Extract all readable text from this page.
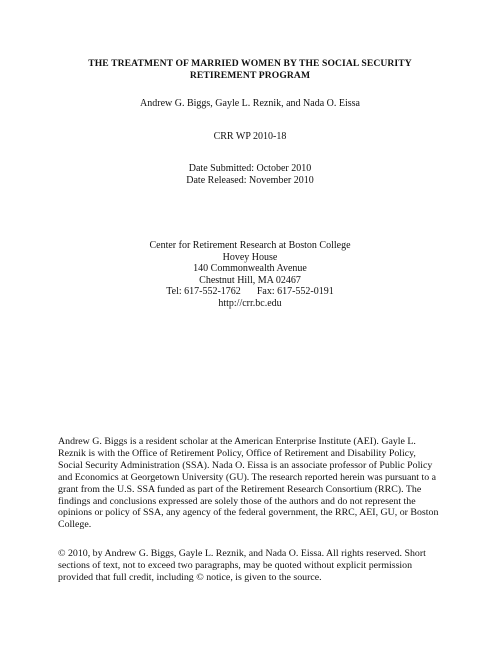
THE TREATMENT OF MARRIED WOMEN BY THE SOCIAL SECURITY
RETIREMENT PROGRAM
Andrew G. Biggs, Gayle L. Reznik, and Nada O. Eissa
CRR WP 2010-18
Date Submitted: October 2010
Date Released: November 2010
Center for Retirement Research at Boston College
Hovey House
140 Commonwealth Avenue
Chestnut Hill, MA 02467
Tel: 617-552-1762 Fax: 617-552-0191
http://crr.bc.edu
Andrew G. Biggs is a resident scholar at the American Enterprise Institute (AEI). Gayle L.
Reznik is with the Office of Retirement Policy, Office of Retirement and Disability Policy,
Social Security Administration (SSA). Nada O. Eissa is an associate professor of Public Policy
and Economics at Georgetown University (GU). The research reported herein was pursuant to a
grant from the U.S. SSA funded as part of the Retirement Research Consortium (RRC). The
findings and conclusions expressed are solely those of the authors and do not represent the
opinions or policy of SSA, any agency of the federal government, the RRC, AEI, GU, or Boston
College.
© 2010, by Andrew G. Biggs, Gayle L. Reznik, and Nada O. Eissa. All rights reserved. Short
sections of text, not to exceed two paragraphs, may be quoted without explicit permission
provided that full credit, including © notice, is given to the source.
